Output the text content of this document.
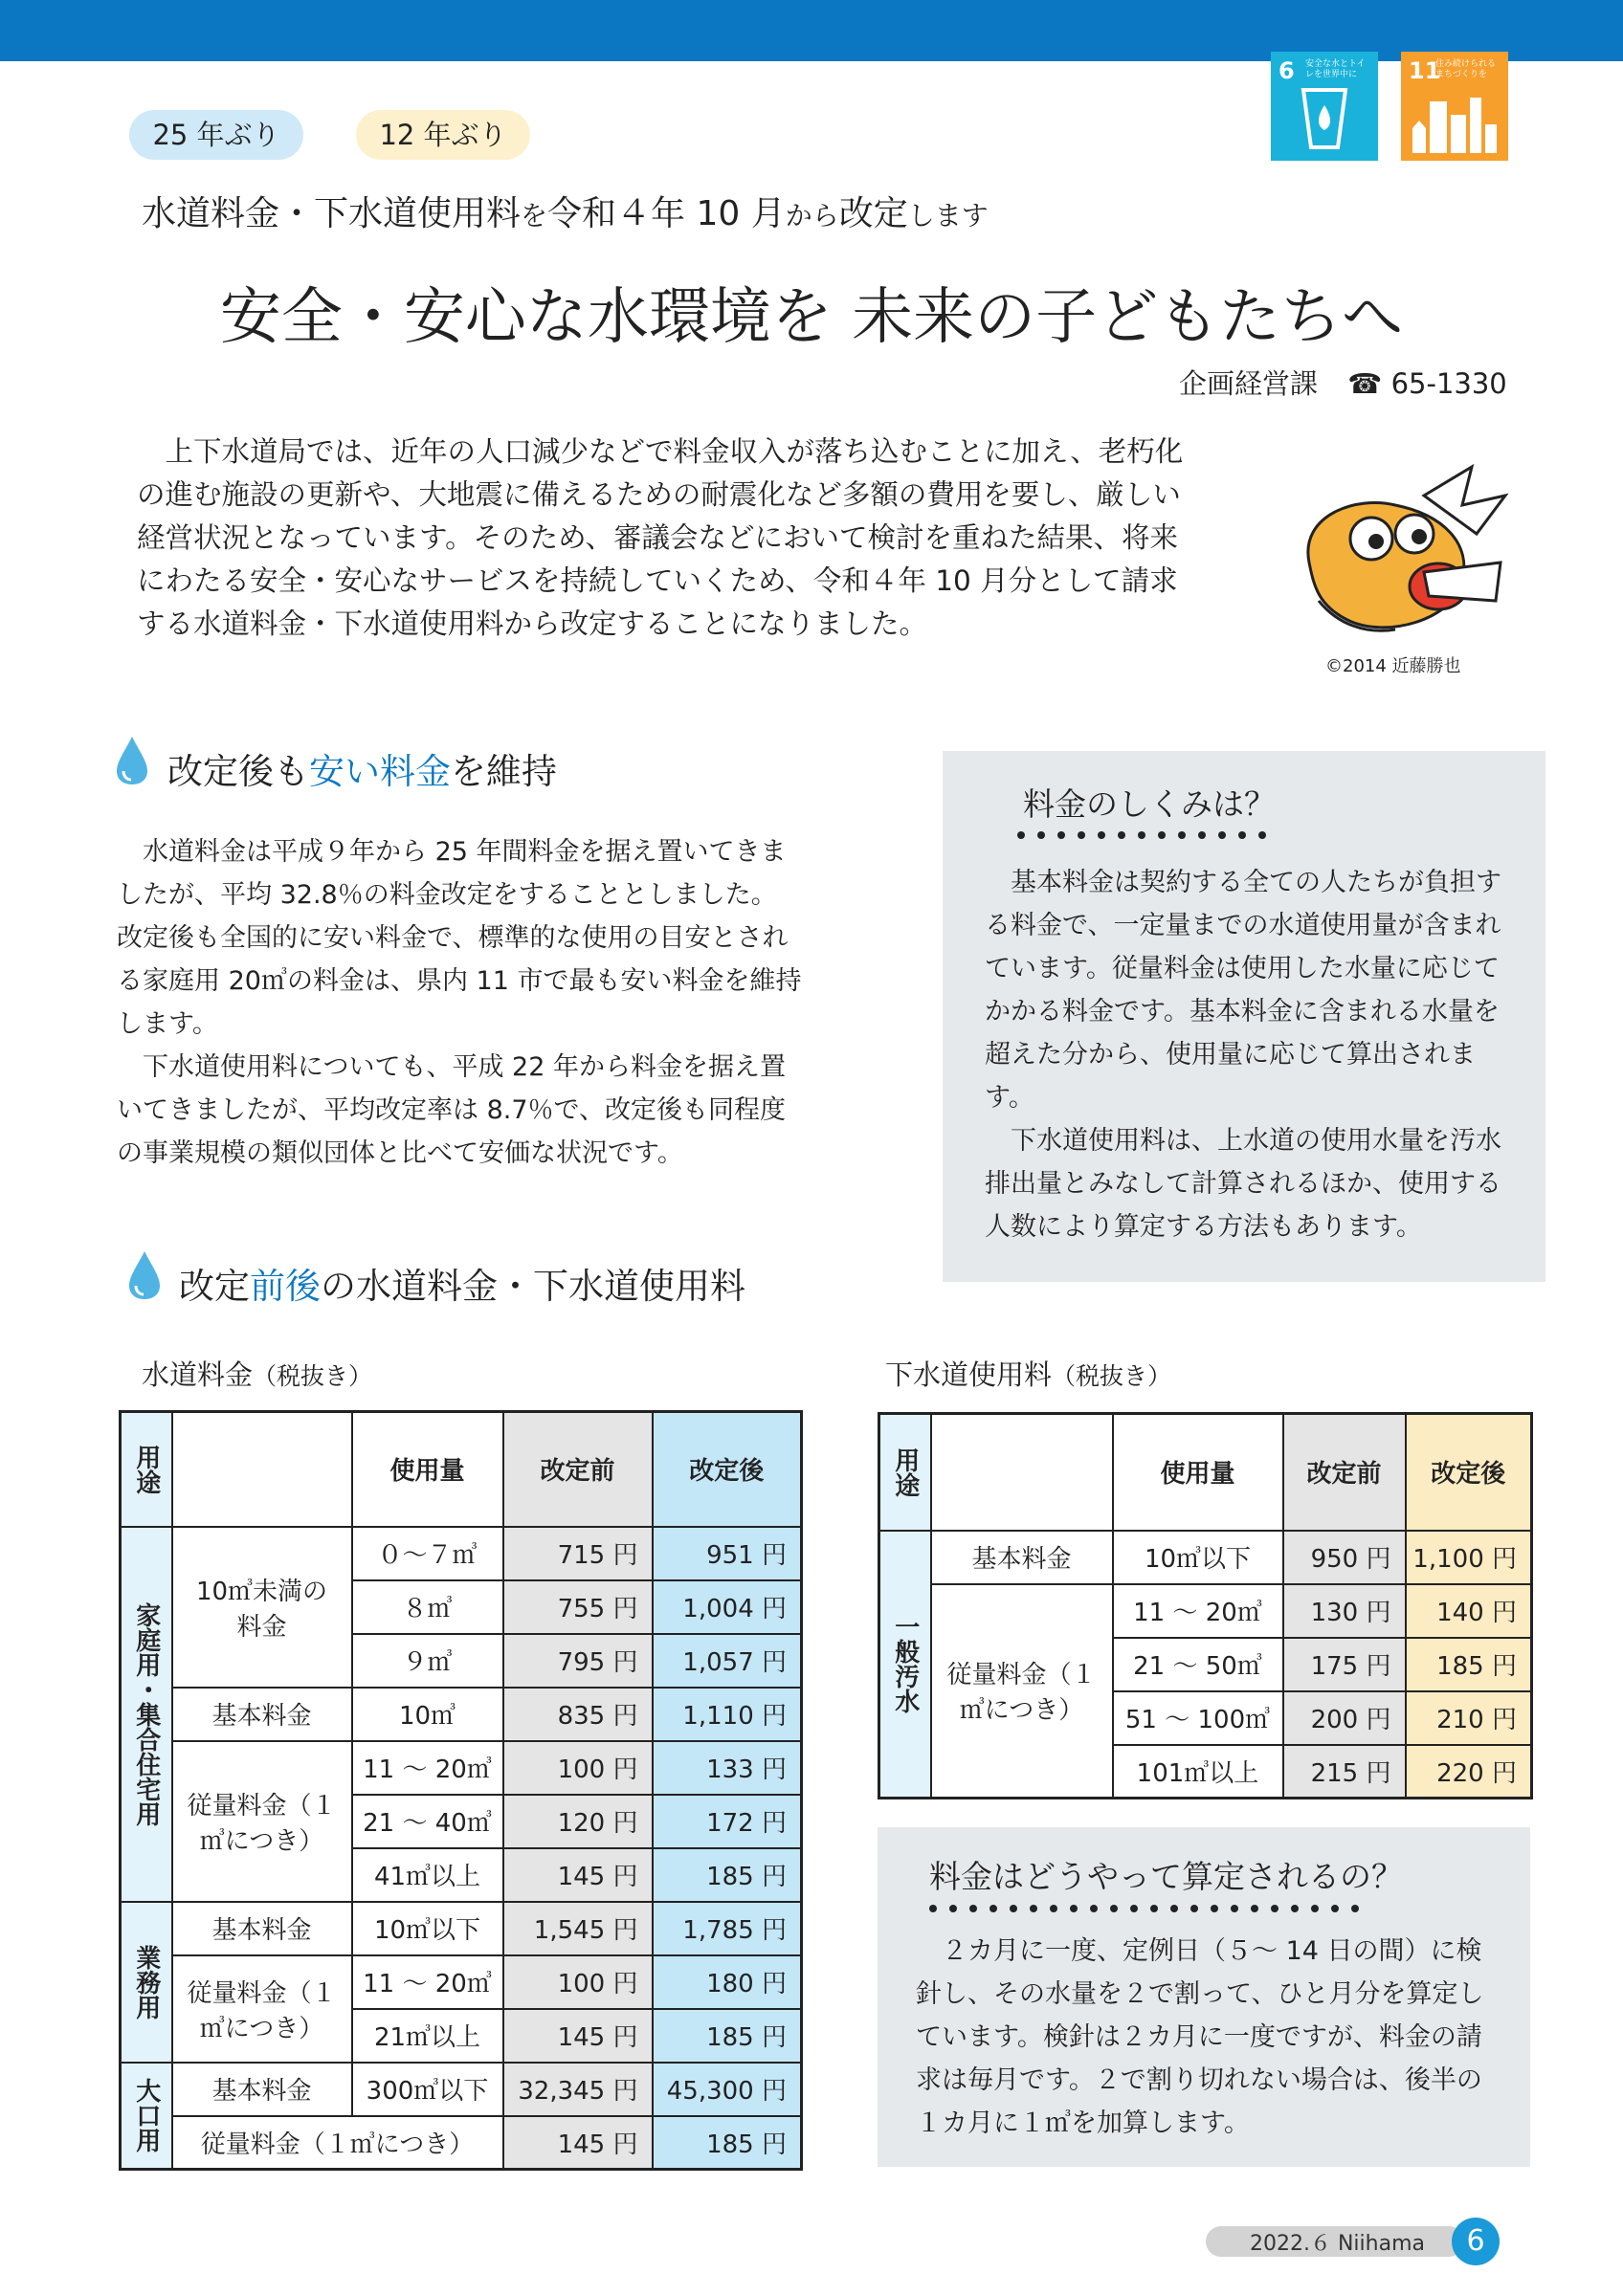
6 安全な水とトイレを世界中に	11
住み続けられるまちづくりを
25 年ぶり	12 年ぶり
水道料金・下水道使用料を令和４年 10 月から改定します
安全・安心な水環境を 未来の子どもたちへ
企画経営課 ☎ 65-1330

上下水道局では、近年の人口減少などで料金収入が落ち込むことに加え、老朽化の進む施設の更新や、大地震に備えるための耐震化など多額の費用を要し、厳しい経営状況となっています。そのため、審議会などにおいて検討を重ねた結果、将来にわたる安全・安心なサービスを持続していくため、令和４年 10 月分として請求する水道料金・下水道使用料から改定することになりました。

©2014 近藤勝也
改定後も安い料金を維持

水道料金は平成９年から 25 年間料金を据え置いてきましたが、平均 32.8％の料金改定をすることとしました。改定後も全国的に安い料金で、標準的な使用の目安とされる家庭用 20㎥の料金は、県内 11 市で最も安い料金を維持します。

下水道使用料についても、平成 22 年から料金を据え置いてきましたが、平均改定率は 8.7％で、改定後も同程度の事業規模の類似団体と比べて安価な状況です。

料金のしくみは？

基本料金は契約する全ての人たちが負担する料金で、一定量までの水道使用量が含まれています。従量料金は使用した水量に応じてかかる料金です。基本料金に含まれる水量を超えた分から、使用量に応じて算出されます。

下水道使用料は、上水道の使用水量を汚水排出量とみなして計算されるほか、使用する人数により算定する方法もあります。

改定前後の水道料金・下水道使用料
水道料金（税抜き）
用途		使用量	改定前	改定後

家庭用・集合住宅用	10㎥未満の料金	０～７㎥	715 円	951 円
		８㎥	755 円	1,004 円
		９㎥	795 円	1,057 円
	基本料金	10㎥	835 円	1,110 円
	従量料金（１㎥につき）	11 ～ 20㎥	100 円	133 円
		21 ～ 40㎥	120 円	172 円
		41㎥以上	145 円	185 円

業務用	基本料金	10㎥以下	1,545 円	1,785 円
	従量料金（１㎥につき）	11 ～ 20㎥	100 円	180 円
		21㎥以上	145 円	185 円

大口用	基本料金	300㎥以下	32,345 円	45,300 円
	従量料金（１㎥につき）		145 円	185 円
下水道使用料（税抜き）
用途		使用量	改定前	改定後

一般汚水	基本料金	10㎥以下	950 円	1,100 円
	従量料金（１㎥につき）	11 ～ 20㎥	130 円	140 円
		21 ～ 50㎥	175 円	185 円
		51 ～ 100㎥	200 円	210 円
		101㎥以上	215 円	220 円
料金はどうやって算定されるの？

２カ月に一度、定例日（５～ 14 日の間）に検針し、その水量を２で割って、ひと月分を算定しています。検針は２カ月に一度ですが、料金の請求は毎月です。２で割り切れない場合は、後半の１カ月に１㎥を加算します。

2022.６ Niihama	6
